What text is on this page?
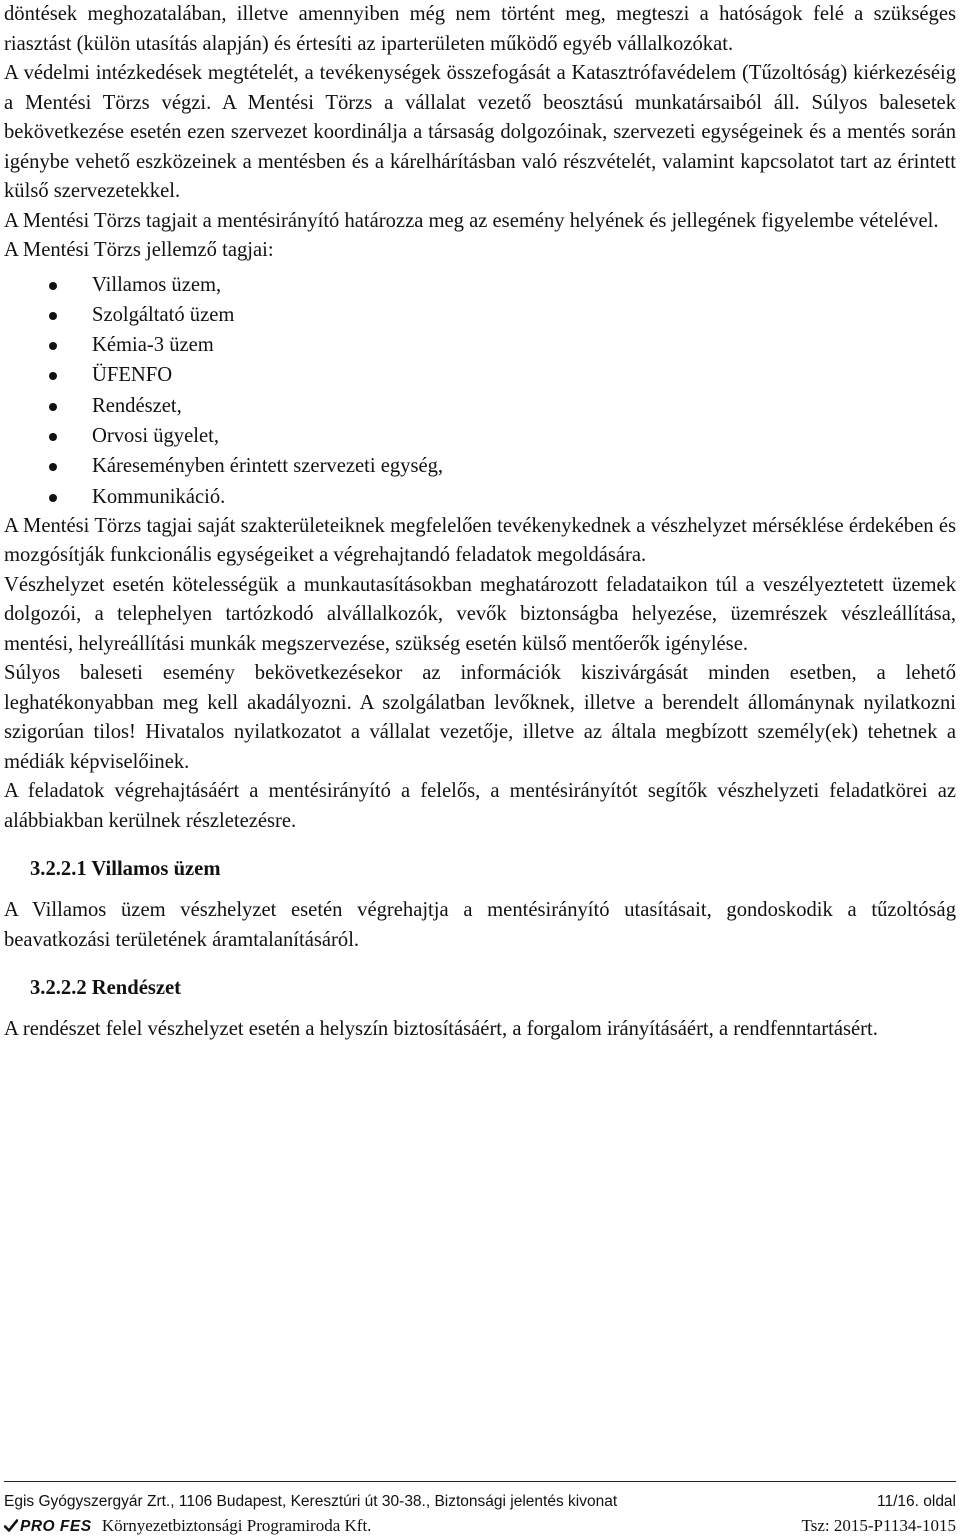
döntések meghozatalában, illetve amennyiben még nem történt meg, megteszi a hatóságok felé a szükséges riasztást (külön utasítás alapján) és értesíti az iparterületen működő egyéb vállalkozókat.

A védelmi intézkedések megtételét, a tevékenységek összefogását a Katasztrófavédelem (Tűzoltóság) kiérkezéséig a Mentési Törzs végzi. A Mentési Törzs a vállalat vezető beosztású munkatársaiból áll. Súlyos balesetek bekövetkezése esetén ezen szervezet koordinálja a társaság dolgozóinak, szervezeti egységeinek és a mentés során igénybe vehető eszközeinek a mentésben és a kárelhárításban való részvételét, valamint kapcsolatot tart az érintett külső szervezetekkel.

A Mentési Törzs tagjait a mentésirányító határozza meg az esemény helyének és jellegének figyelembe vételével.

A Mentési Törzs jellemző tagjai:

Villamos üzem,
Szolgáltató üzem
Kémia-3 üzem
ÜFENFO
Rendészet,
Orvosi ügyelet,
Káreseményben érintett szervezeti egység,
Kommunikáció.

A Mentési Törzs tagjai saját szakterületeiknek megfelelően tevékenykednek a vészhelyzet mérséklése érdekében és mozgósítják funkcionális egységeiket a végrehajtandó feladatok megoldására.

Vészhelyzet esetén kötelességük a munkautasításokban meghatározott feladataikon túl a veszélyeztetett üzemek dolgozói, a telephelyen tartózkodó alvállalkozók, vevők biztonságba helyezése, üzemrészek vészleállítása, mentési, helyreállítási munkák megszervezése, szükség esetén külső mentőerők igénylése.

Súlyos baleseti esemény bekövetkezésekor az információk kiszivárgását minden esetben, a lehető leghatékonyabban meg kell akadályozni. A szolgálatban levőknek, illetve a berendelt állománynak nyilatkozni szigorúan tilos! Hivatalos nyilatkozatot a vállalat vezetője, illetve az általa megbízott személy(ek) tehetnek a médiák képviselőinek.

A feladatok végrehajtásáért a mentésirányító a felelős, a mentésirányítót segítők vészhelyzeti feladatkörei az alábbiakban kerülnek részletezésre.

3.2.2.1 Villamos üzem

A Villamos üzem vészhelyzet esetén végrehajtja a mentésirányító utasításait, gondoskodik a tűzoltóság beavatkozási területének áramtalanításáról.

3.2.2.2 Rendészet

A rendészet felel vészhelyzet esetén a helyszín biztosításáért, a forgalom irányításáért, a rendfenntartásért.

Egis Gyógyszergyár Zrt., 1106 Budapest, Keresztúri út 30-38., Biztonsági jelentés kivonat	11/16. oldal
PRO FES Környezetbiztonsági Programiroda Kft.	Tsz: 2015-P1134-1015
